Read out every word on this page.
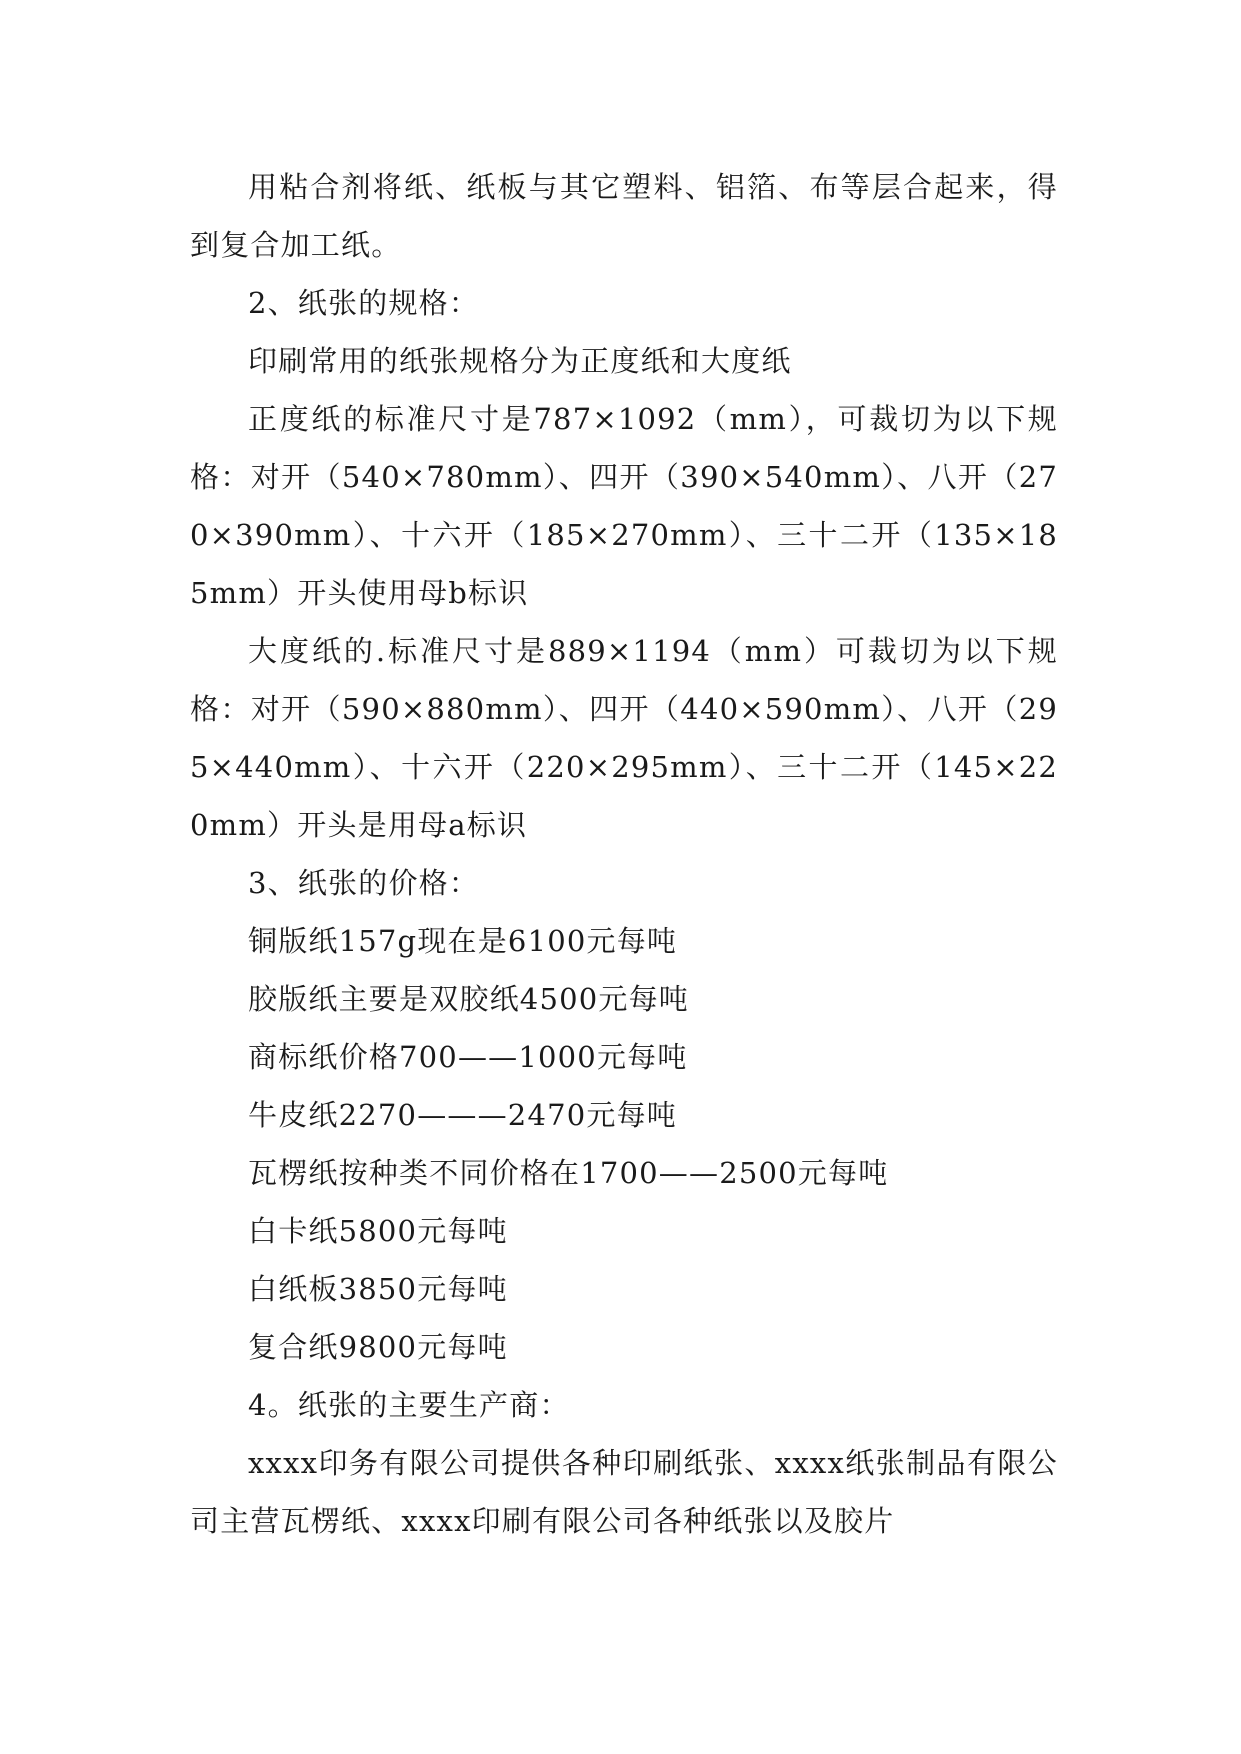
用粘合剂将纸、纸板与其它塑料、铝箔、布等层合起来，得到复合加工纸。

2、纸张的规格：

印刷常用的纸张规格分为正度纸和大度纸

正度纸的标准尺寸是787×1092（mm），可裁切为以下规格：对开（540×780mm）、四开（390×540mm）、八开（270×390mm）、十六开（185×270mm）、三十二开（135×185mm）开头使用母b标识

大度纸的.标准尺寸是889×1194（mm）可裁切为以下规格：对开（590×880mm）、四开（440×590mm）、八开（295×440mm）、十六开（220×295mm）、三十二开（145×220mm）开头是用母a标识

3、纸张的价格：

铜版纸157g现在是6100元每吨

胶版纸主要是双胶纸4500元每吨

商标纸价格700——1000元每吨

牛皮纸2270———2470元每吨

瓦楞纸按种类不同价格在1700——2500元每吨

白卡纸5800元每吨

白纸板3850元每吨

复合纸9800元每吨

4。纸张的主要生产商：

xxxx印务有限公司提供各种印刷纸张、xxxx纸张制品有限公司主营瓦楞纸、xxxx印刷有限公司各种纸张以及胶片
